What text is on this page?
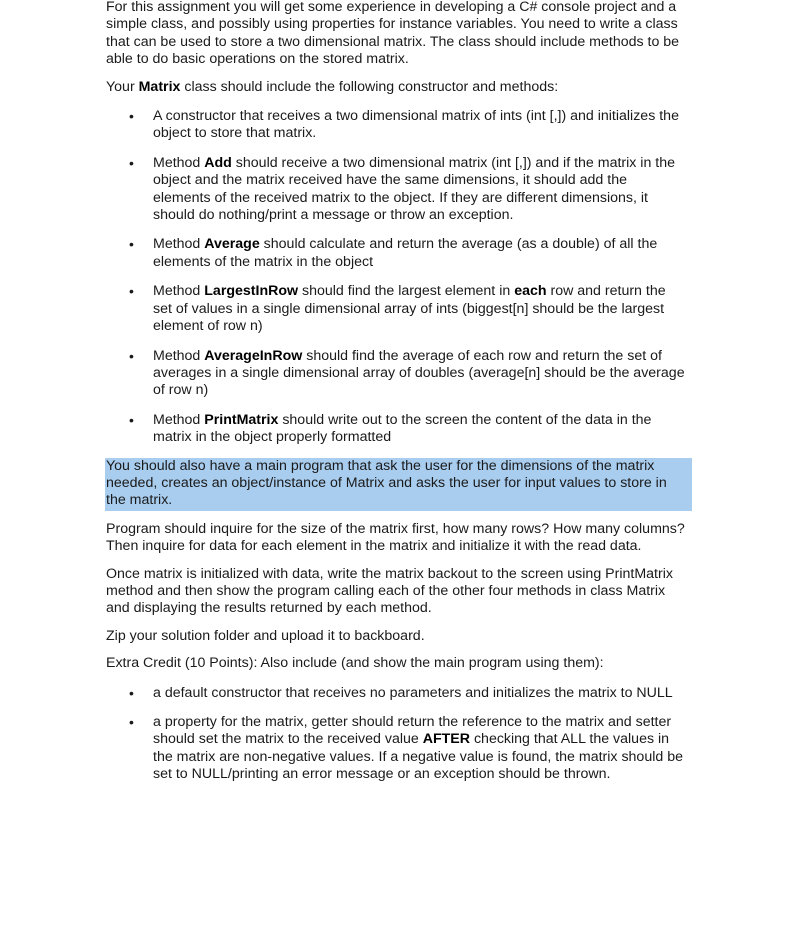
For this assignment you will get some experience in developing a C# console project and a simple class, and possibly using properties for instance variables. You need to write a class that can be used to store a two dimensional matrix. The class should include methods to be able to do basic operations on the stored matrix.

Your Matrix class should include the following constructor and methods:

• A constructor that receives a two dimensional matrix of ints (int [,]) and initializes the object to store that matrix.
• Method Add should receive a two dimensional matrix (int [,]) and if the matrix in the object and the matrix received have the same dimensions, it should add the elements of the received matrix to the object. If they are different dimensions, it should do nothing/print a message or throw an exception.
• Method Average should calculate and return the average (as a double) of all the elements of the matrix in the object
• Method LargestInRow should find the largest element in each row and return the set of values in a single dimensional array of ints (biggest[n] should be the largest element of row n)
• Method AverageInRow should find the average of each row and return the set of averages in a single dimensional array of doubles (average[n] should be the average of row n)
• Method PrintMatrix should write out to the screen the content of the data in the matrix in the object properly formatted

You should also have a main program that ask the user for the dimensions of the matrix needed, creates an object/instance of Matrix and asks the user for input values to store in the matrix.

Program should inquire for the size of the matrix first, how many rows? How many columns? Then inquire for data for each element in the matrix and initialize it with the read data.

Once matrix is initialized with data, write the matrix backout to the screen using PrintMatrix method and then show the program calling each of the other four methods in class Matrix and displaying the results returned by each method.

Zip your solution folder and upload it to backboard.

Extra Credit (10 Points): Also include (and show the main program using them):

• a default constructor that receives no parameters and initializes the matrix to NULL
• a property for the matrix, getter should return the reference to the matrix and setter should set the matrix to the received value AFTER checking that ALL the values in the matrix are non-negative values. If a negative value is found, the matrix should be set to NULL/printing an error message or an exception should be thrown.
